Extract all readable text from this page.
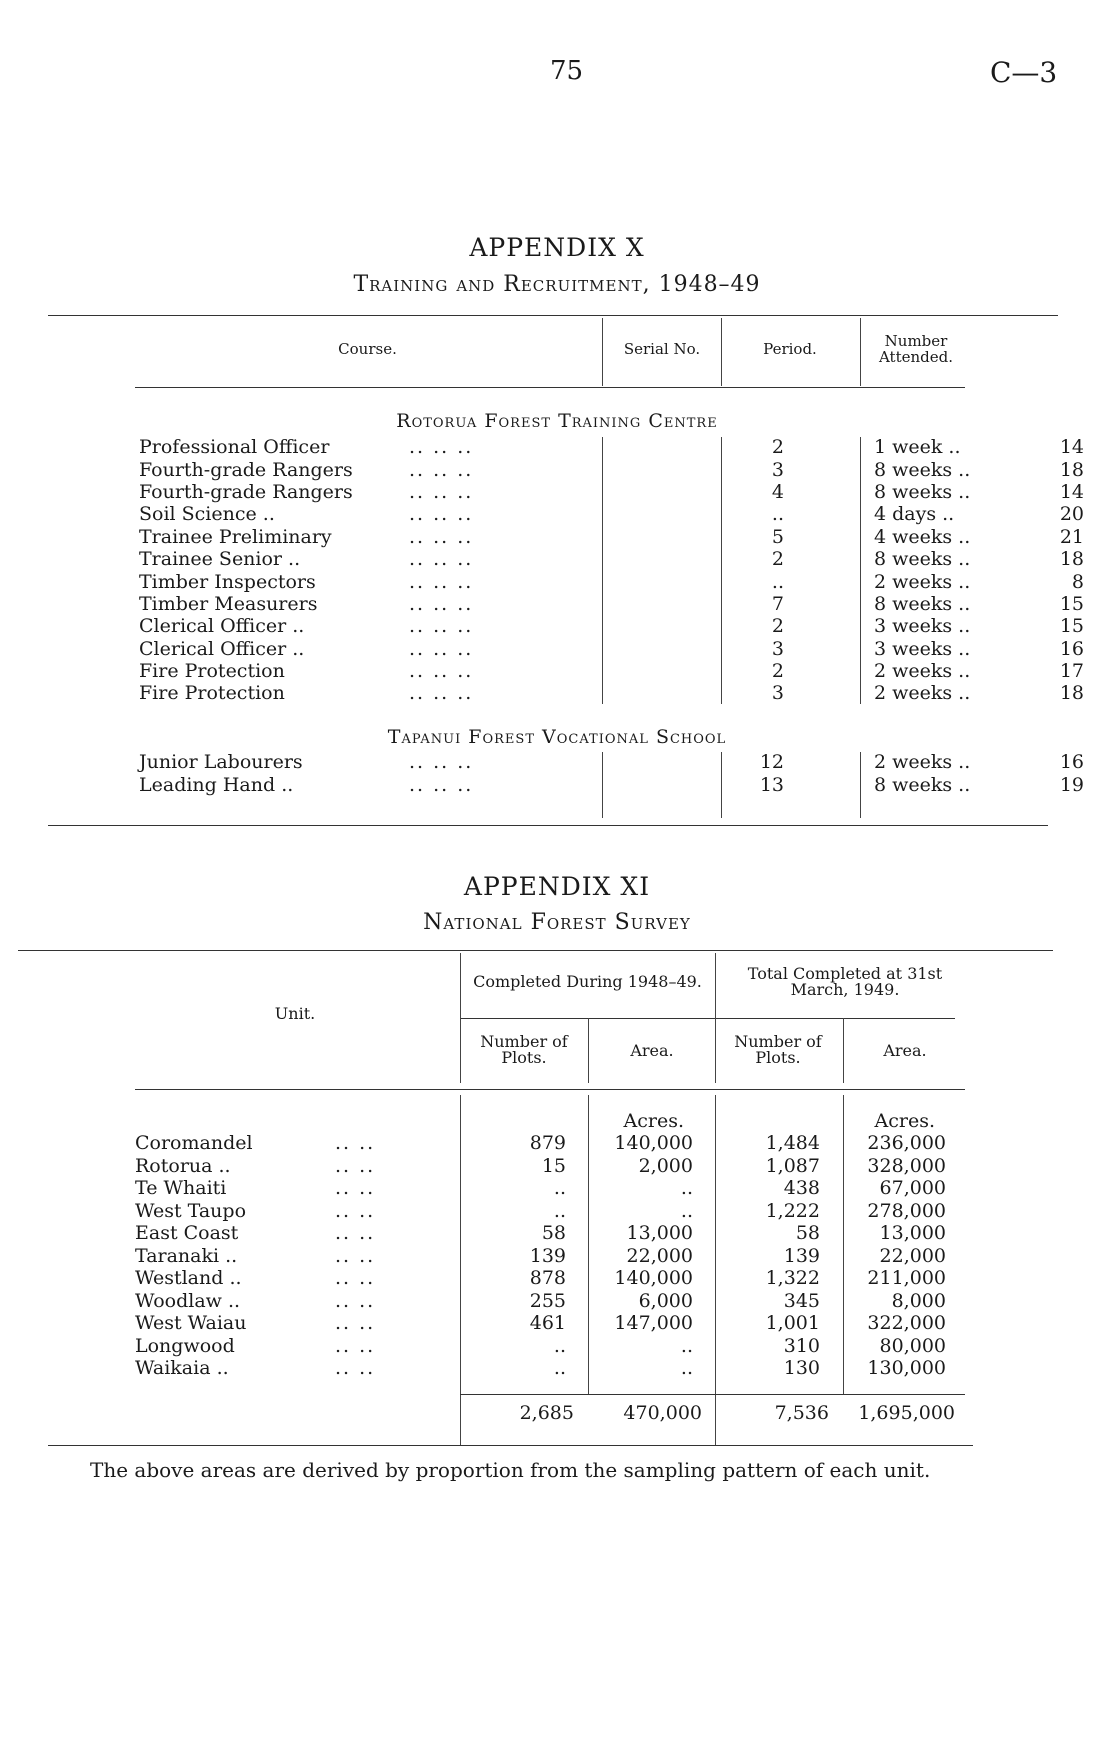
75	C—3
APPENDIX X
Training and Recruitment, 1948–49
Course.	Serial No.	Period.	Number Attended.
Rotorua Forest Training Centre
Professional Officer	.. .. ..	2	1 week ..	14
Fourth-grade Rangers	.. .. ..	3	8 weeks ..	18
Fourth-grade Rangers	.. .. ..	4	8 weeks ..	14
Soil Science ..	.. .. ..	..	4 days ..	20
Trainee Preliminary	.. .. ..	5	4 weeks ..	21
Trainee Senior ..	.. .. ..	2	8 weeks ..	18
Timber Inspectors	.. .. ..	..	2 weeks ..	8
Timber Measurers	.. .. ..	7	8 weeks ..	15
Clerical Officer ..	.. .. ..	2	3 weeks ..	15
Clerical Officer ..	.. .. ..	3	3 weeks ..	16
Fire Protection	.. .. ..	2	2 weeks ..	17
Fire Protection	.. .. ..	3	2 weeks ..	18
Tapanui Forest Vocational School
Junior Labourers	.. .. ..	12	2 weeks ..	16
Leading Hand ..	.. .. ..	13	8 weeks ..	19
APPENDIX XI
National Forest Survey
Unit.
Completed During 1948–49.	Total Completed at 31st March, 1949.
Number of Plots.	Area.	Number of Plots.	Area.
Acres.	Acres.
Coromandel	.. ..	879	140,000	1,484	236,000
Rotorua ..	.. ..	15	2,000	1,087	328,000
Te Whaiti	.. ..	..	..	438	67,000
West Taupo	.. ..	..	..	1,222	278,000
East Coast	.. ..	58	13,000	58	13,000
Taranaki ..	.. ..	139	22,000	139	22,000
Westland ..	.. ..	878	140,000	1,322	211,000
Woodlaw ..	.. ..	255	6,000	345	8,000
West Waiau	.. ..	461	147,000	1,001	322,000
Longwood	.. ..	..	..	310	80,000
Waikaia ..	.. ..	..	..	130	130,000
2,685	470,000	7,536	1,695,000
The above areas are derived by proportion from the sampling pattern of each unit.
